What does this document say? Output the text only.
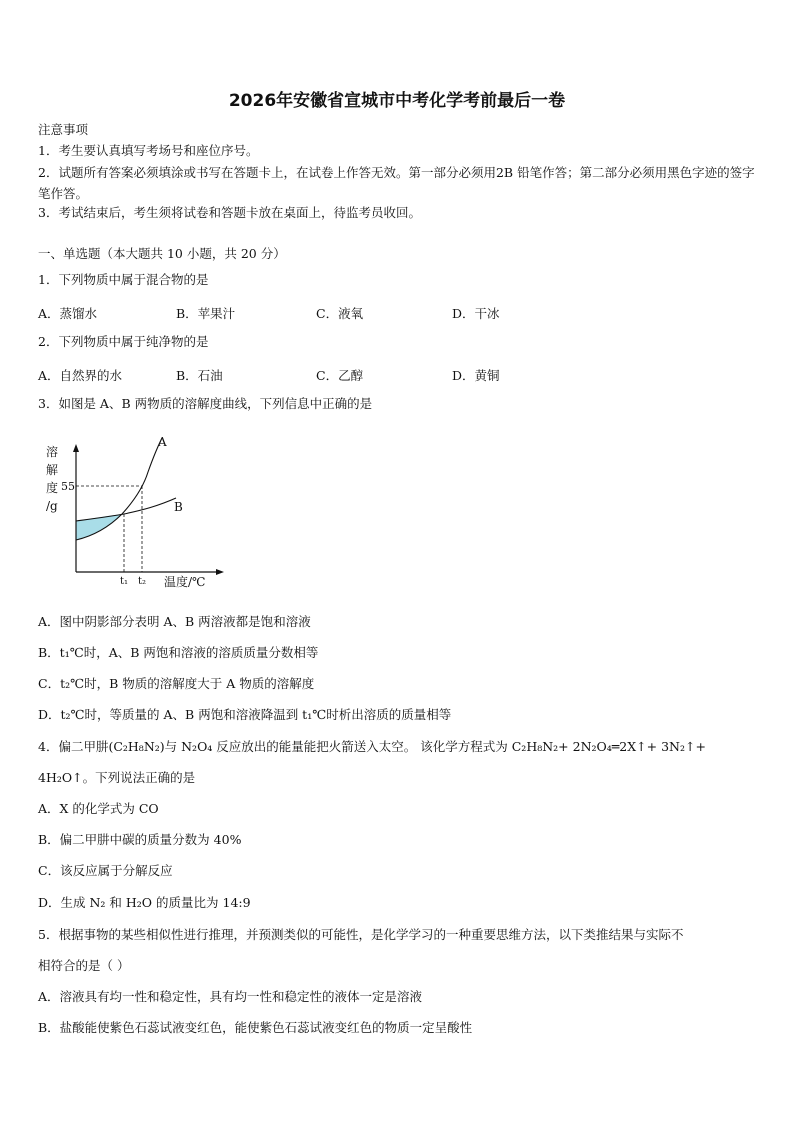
2026年安徽省宣城市中考化学考前最后一卷
注意事项
1．考生要认真填写考场号和座位序号。
2．试题所有答案必须填涂或书写在答题卡上，在试卷上作答无效。第一部分必须用2B 铅笔作答；第二部分必须用黑色字迹的签字笔作答。
3．考试结束后，考生须将试卷和答题卡放在桌面上，待监考员收回。
一、单选题（本大题共 10 小题，共 20 分）
1．下列物质中属于混合物的是
A．蒸馏水	B．苹果汁	C．液氧	D．干冰
2．下列物质中属于纯净物的是
A．自然界的水	B．石油	C．乙醇	D．黄铜
3．如图是 A、B 两物质的溶解度曲线，下列信息中正确的是
溶
解
度
/g
55
t₁ t₂ 温度/℃
A
B
A．图中阴影部分表明 A、B 两溶液都是饱和溶液
B．t₁℃时，A、B 两饱和溶液的溶质质量分数相等
C．t₂℃时，B 物质的溶解度大于 A 物质的溶解度
D．t₂℃时，等质量的 A、B 两饱和溶液降温到 t₁℃时析出溶质的质量相等
4．偏二甲肼(C₂H₈N₂)与 N₂O₄ 反应放出的能量能把火箭送入太空。 该化学方程式为 C₂H₈N₂+ 2N₂O₄═2X↑+ 3N₂↑+
4H₂O↑。下列说法正确的是
A．X 的化学式为 CO
B．偏二甲肼中碳的质量分数为 40%
C．该反应属于分解反应
D．生成 N₂ 和 H₂O 的质量比为 14:9
5．根据事物的某些相似性进行推理，并预测类似的可能性，是化学学习的一种重要思维方法，以下类推结果与实际不
相符合的是（ ）
A．溶液具有均一性和稳定性，具有均一性和稳定性的液体一定是溶液
B．盐酸能使紫色石蕊试液变红色，能使紫色石蕊试液变红色的物质一定呈酸性
